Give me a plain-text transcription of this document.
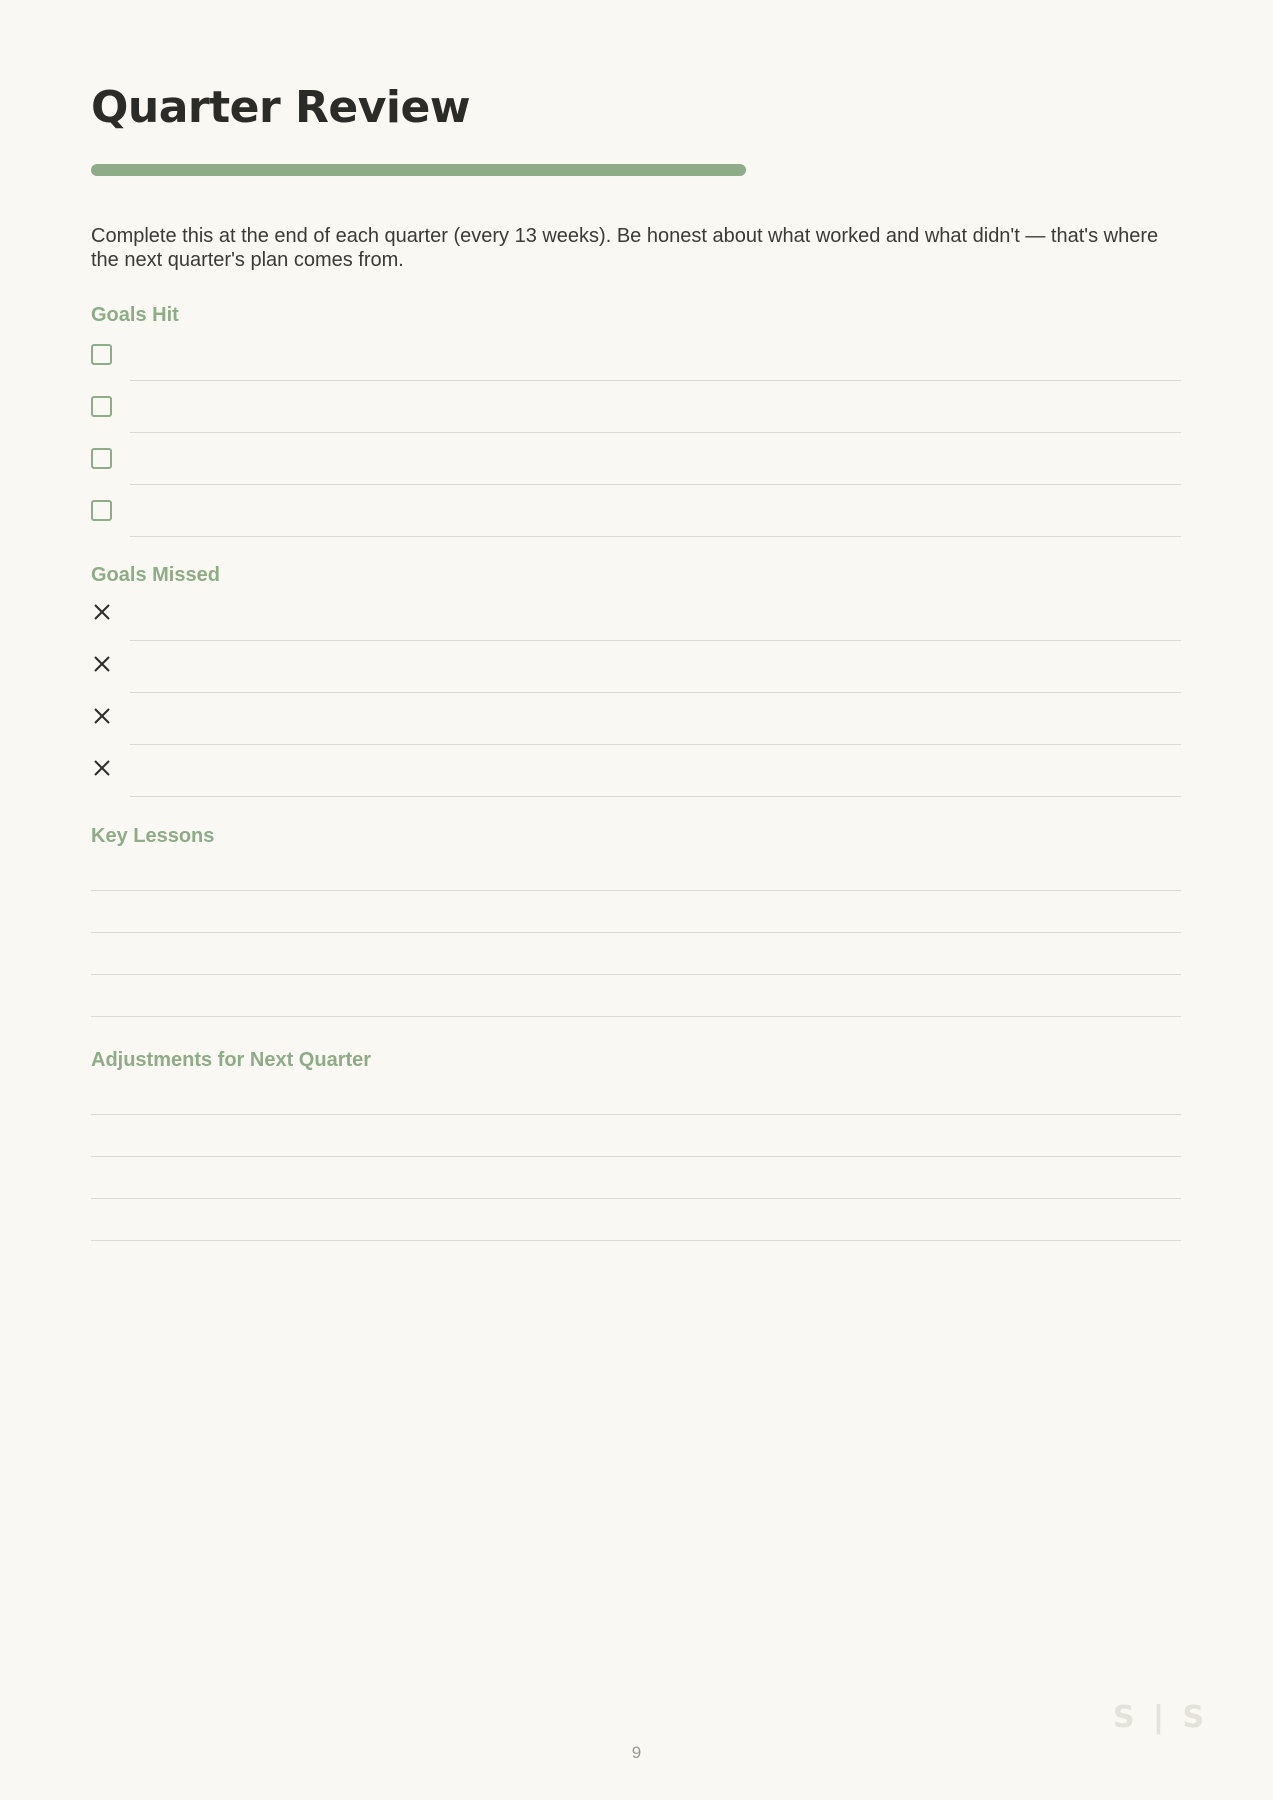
Quarter Review

Complete this at the end of each quarter (every 13 weeks). Be honest about what worked and what didn't — that's where the next quarter's plan comes from.

Goals Hit
Goals Missed
Key Lessons
Adjustments for Next Quarter
S | S
9
